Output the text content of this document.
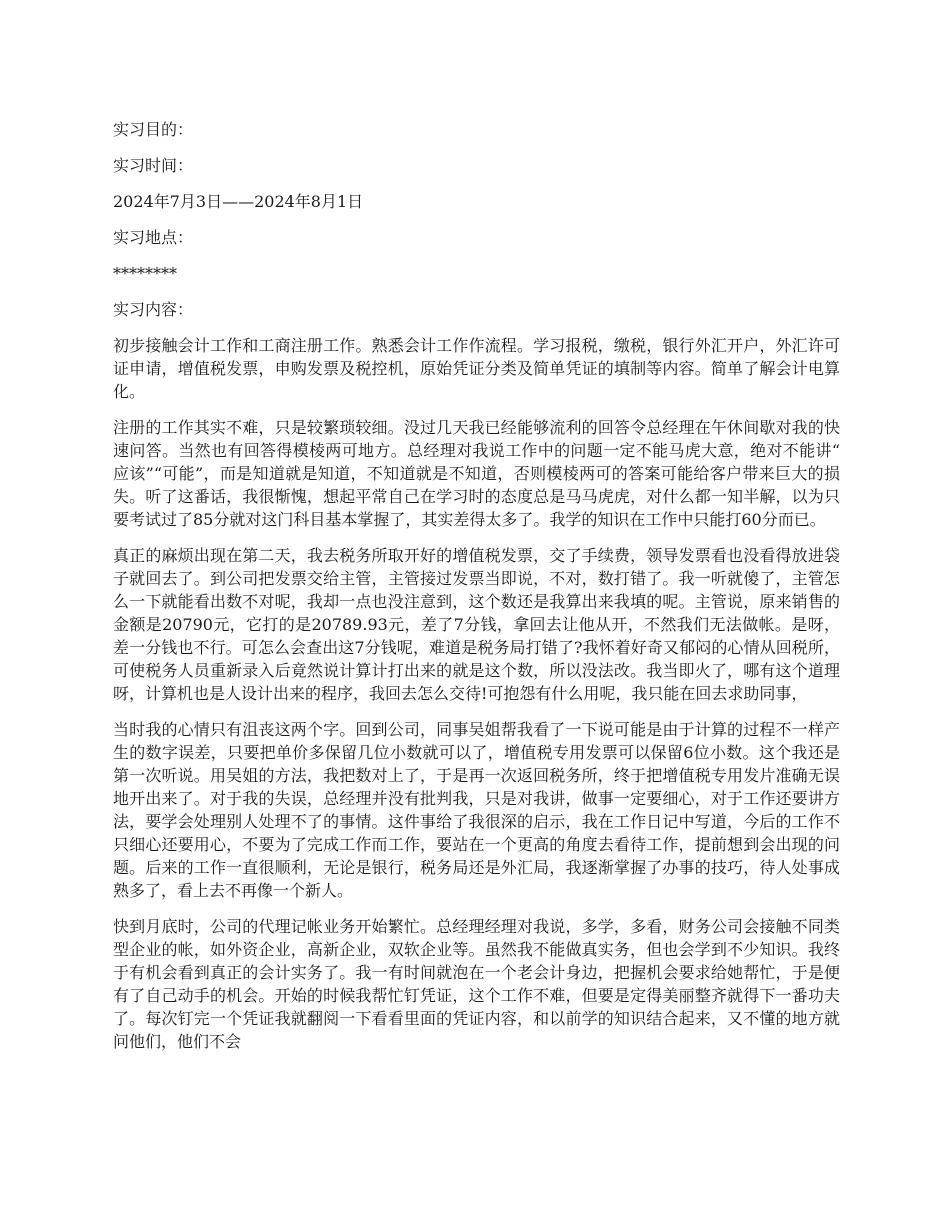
实习目的：

实习时间：

2024年7月3日——2024年8月1日

实习地点：

********

实习内容：

初步接触会计工作和工商注册工作。熟悉会计工作作流程。学习报税，缴税，银行外汇开户，外汇许可证申请，增值税发票，申购发票及税控机，原始凭证分类及简单凭证的填制等内容。简单了解会计电算化。

注册的工作其实不难，只是较繁琐较细。没过几天我已经能够流利的回答令总经理在午休间歇对我的快速问答。当然也有回答得模棱两可地方。总经理对我说工作中的问题一定不能马虎大意，绝对不能讲“应该”“可能”，而是知道就是知道，不知道就是不知道，否则模棱两可的答案可能给客户带来巨大的损失。听了这番话，我很惭愧，想起平常自己在学习时的态度总是马马虎虎，对什么都一知半解，以为只要考试过了85分就对这门科目基本掌握了，其实差得太多了。我学的知识在工作中只能打60分而已。

真正的麻烦出现在第二天，我去税务所取开好的增值税发票，交了手续费，领导发票看也没看得放进袋子就回去了。到公司把发票交给主管，主管接过发票当即说，不对，数打错了。我一听就傻了，主管怎么一下就能看出数不对呢，我却一点也没注意到，这个数还是我算出来我填的呢。主管说，原来销售的金额是20790元，它打的是20789.93元，差了7分钱，拿回去让他从开，不然我们无法做帐。是呀，差一分钱也不行。可怎么会查出这7分钱呢，难道是税务局打错了?我怀着好奇又郁闷的心情从回税所，可使税务人员重新录入后竟然说计算计打出来的就是这个数，所以没法改。我当即火了，哪有这个道理呀，计算机也是人设计出来的程序，我回去怎么交待!可抱怨有什么用呢，我只能在回去求助同事，

当时我的心情只有沮丧这两个字。回到公司，同事吴姐帮我看了一下说可能是由于计算的过程不一样产生的数字误差，只要把单价多保留几位小数就可以了，增值税专用发票可以保留6位小数。这个我还是第一次听说。用吴姐的方法，我把数对上了，于是再一次返回税务所，终于把增值税专用发片准确无误地开出来了。对于我的失误，总经理并没有批判我，只是对我讲，做事一定要细心，对于工作还要讲方法，要学会处理别人处理不了的事情。这件事给了我很深的启示，我在工作日记中写道，今后的工作不只细心还要用心，不要为了完成工作而工作，要站在一个更高的角度去看待工作，提前想到会出现的问题。后来的工作一直很顺利，无论是银行，税务局还是外汇局，我逐渐掌握了办事的技巧，待人处事成熟多了，看上去不再像一个新人。

快到月底时，公司的代理记帐业务开始繁忙。总经理经理对我说，多学，多看，财务公司会接触不同类型企业的帐，如外资企业，高新企业，双软企业等。虽然我不能做真实务，但也会学到不少知识。我终于有机会看到真正的会计实务了。我一有时间就泡在一个老会计身边，把握机会要求给她帮忙，于是便有了自己动手的机会。开始的时候我帮忙钉凭证，这个工作不难，但要是定得美丽整齐就得下一番功夫了。每次钉完一个凭证我就翻阅一下看看里面的凭证内容，和以前学的知识结合起来，又不懂的地方就问他们，他们不会
